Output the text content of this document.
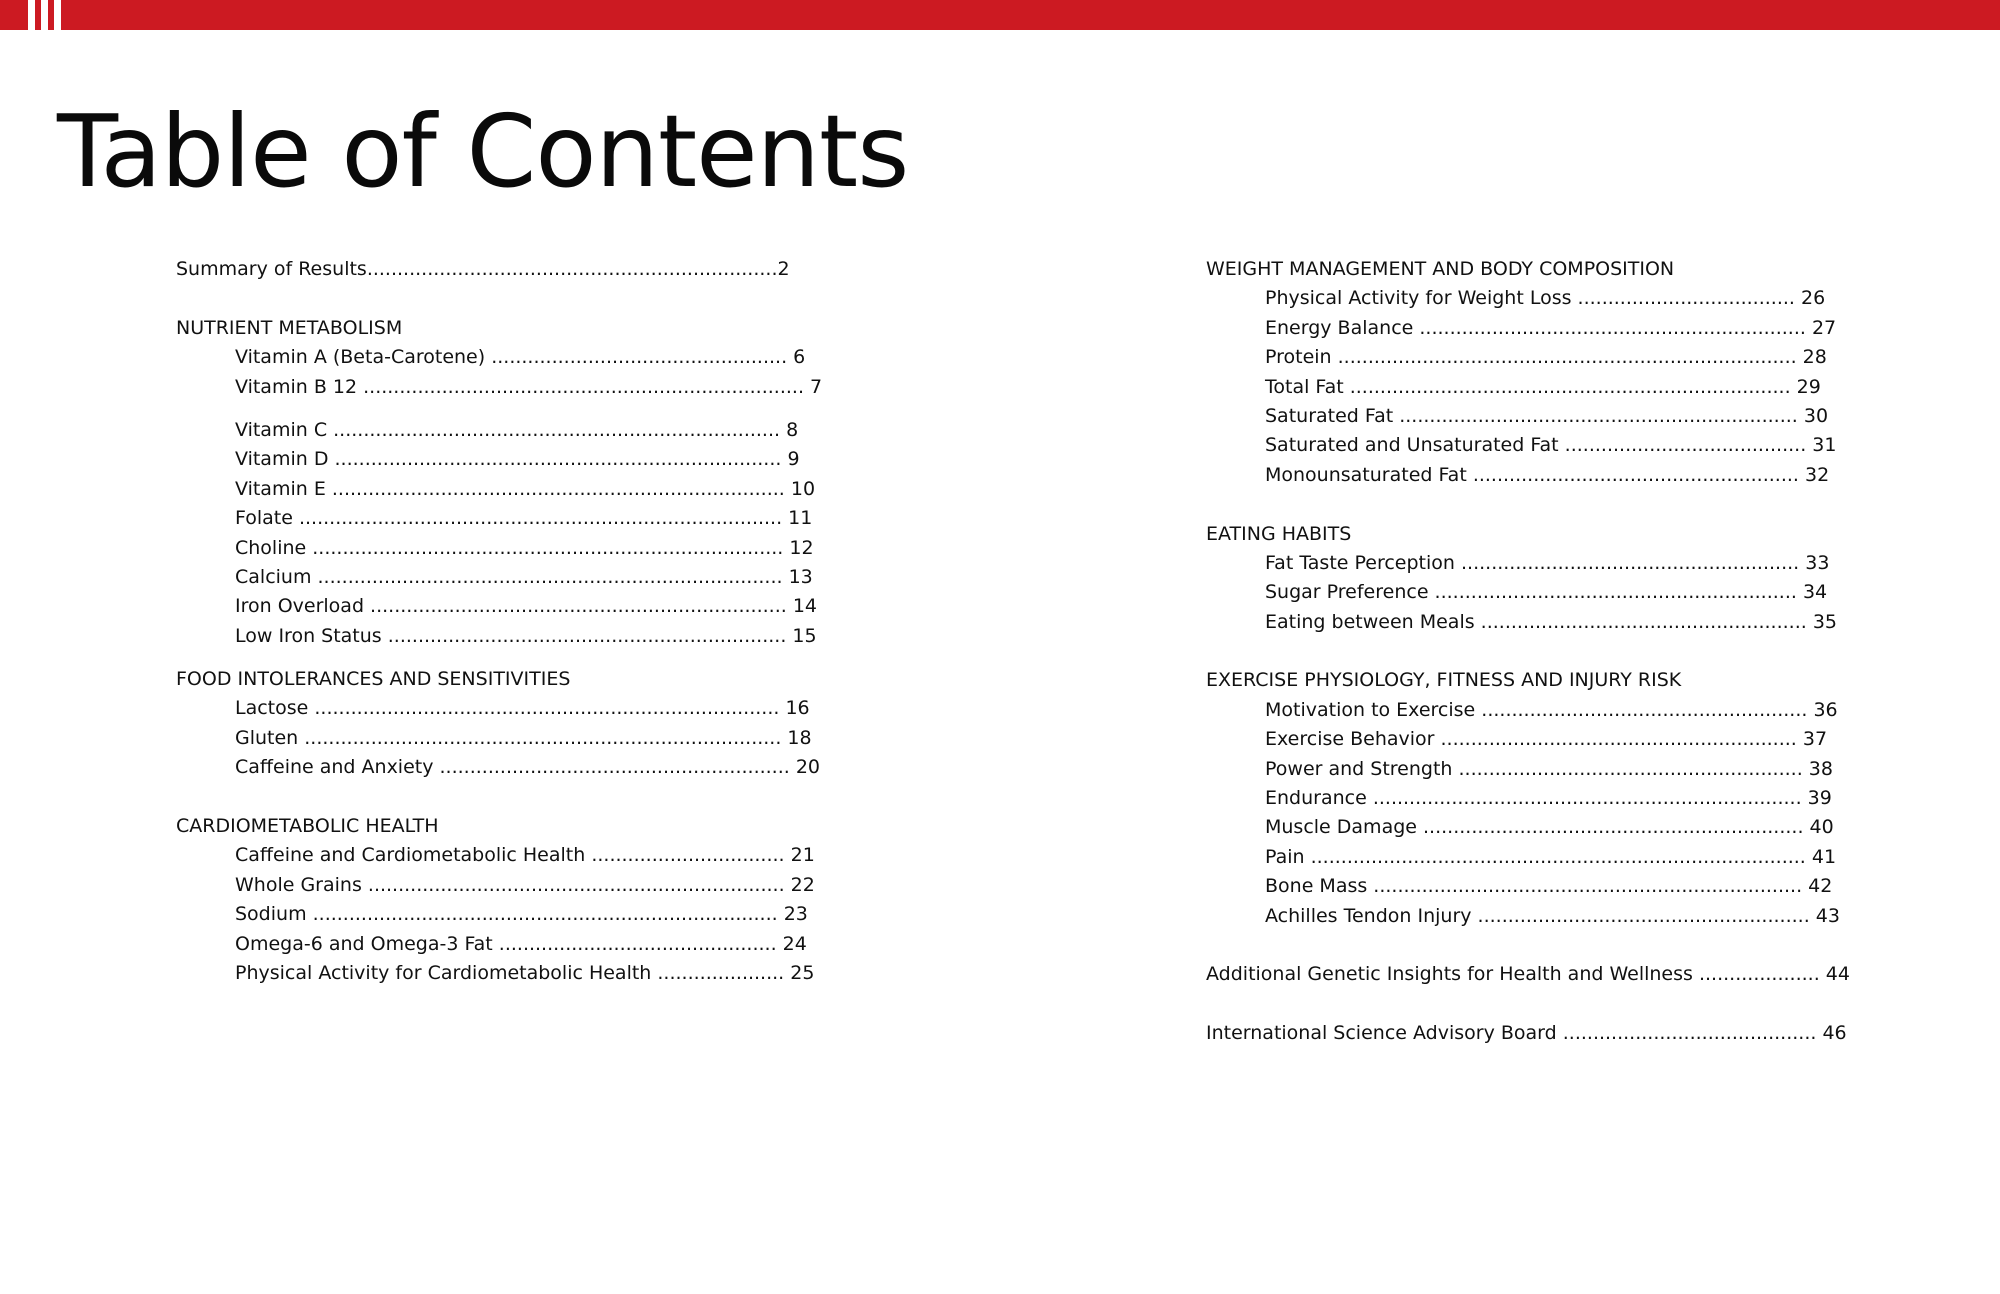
Table of Contents
Summary of Results....................................................................2
NUTRIENT METABOLISM
Vitamin A (Beta-Carotene) ................................................. 6
Vitamin B 12 ......................................................................... 7
Vitamin C .......................................................................... 8
Vitamin D .......................................................................... 9
Vitamin E ........................................................................... 10
Folate ................................................................................ 11
Choline .............................................................................. 12
Calcium ............................................................................. 13
Iron Overload ..................................................................... 14
Low Iron Status .................................................................. 15
FOOD INTOLERANCES AND SENSITIVITIES
Lactose ............................................................................. 16
Gluten ............................................................................... 18
Caffeine and Anxiety .......................................................... 20
CARDIOMETABOLIC HEALTH
Caffeine and Cardiometabolic Health ................................ 21
Whole Grains ..................................................................... 22
Sodium ............................................................................. 23
Omega-6 and Omega-3 Fat .............................................. 24
Physical Activity for Cardiometabolic Health ..................... 25
WEIGHT MANAGEMENT AND BODY COMPOSITION
Physical Activity for Weight Loss .................................... 26
Energy Balance ................................................................ 27
Protein ............................................................................ 28
Total Fat ......................................................................... 29
Saturated Fat .................................................................. 30
Saturated and Unsaturated Fat ........................................ 31
Monounsaturated Fat ...................................................... 32
EATING HABITS
Fat Taste Perception ........................................................ 33
Sugar Preference ............................................................ 34
Eating between Meals ...................................................... 35
EXERCISE PHYSIOLOGY, FITNESS AND INJURY RISK
Motivation to Exercise ...................................................... 36
Exercise Behavior ........................................................... 37
Power and Strength ......................................................... 38
Endurance ....................................................................... 39
Muscle Damage ............................................................... 40
Pain .................................................................................. 41
Bone Mass ....................................................................... 42
Achilles Tendon Injury ....................................................... 43
Additional Genetic Insights for Health and Wellness .................... 44
International Science Advisory Board .......................................... 46
